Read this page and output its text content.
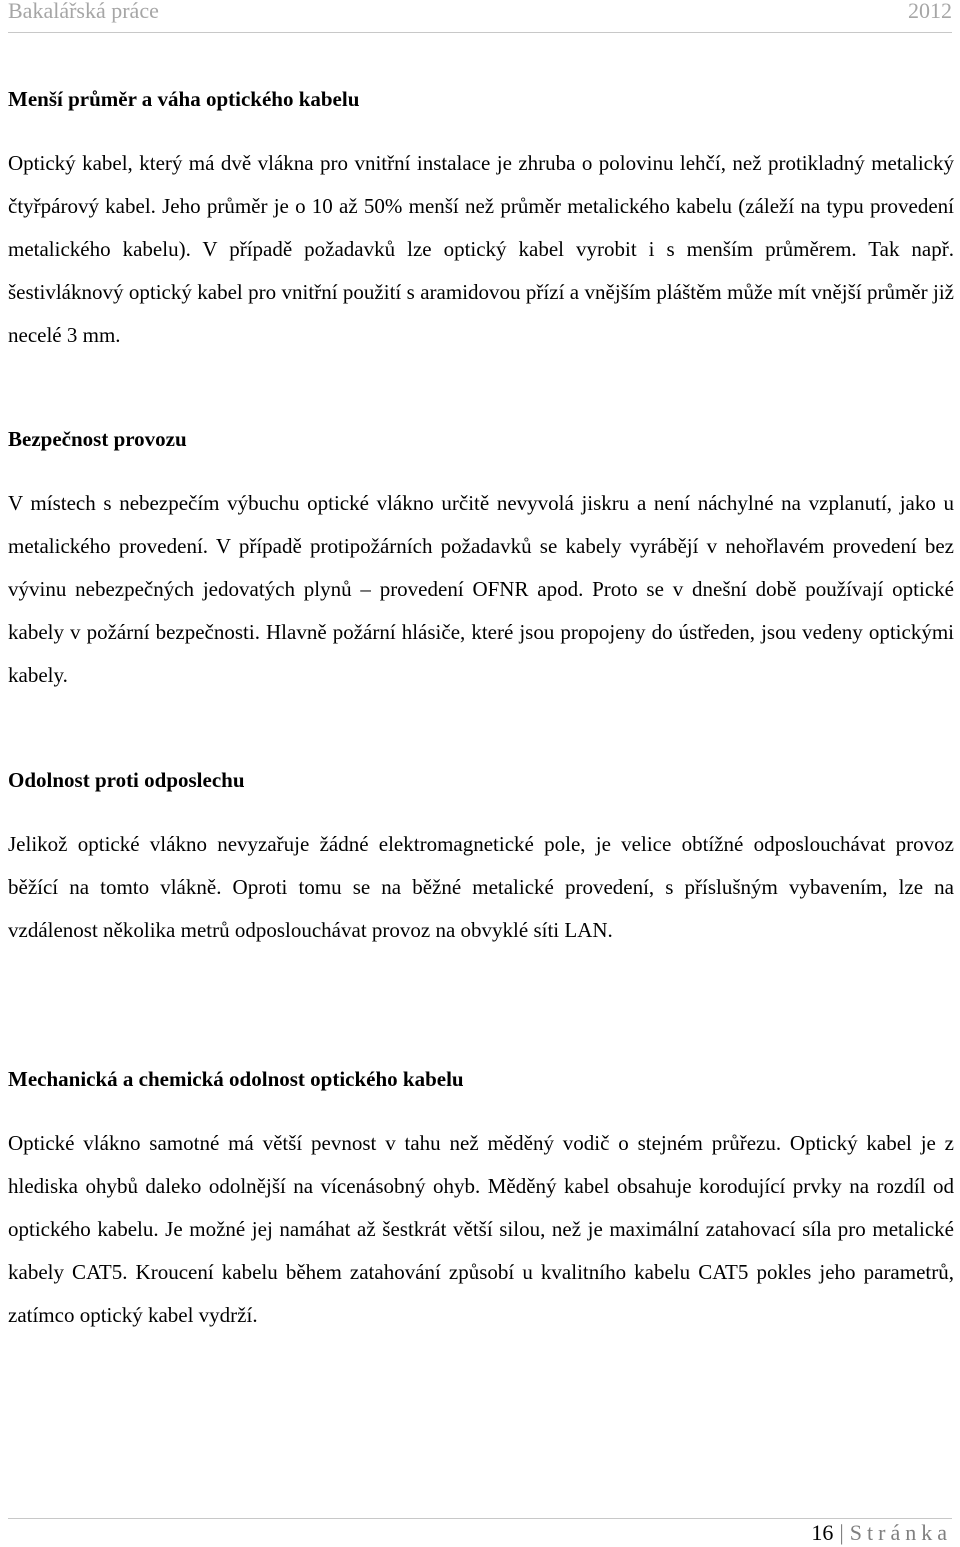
Bakalářská práce	2012
Menší průměr a váha optického kabelu

Optický kabel, který má dvě vlákna pro vnitřní instalace je zhruba o polovinu lehčí, než protikladný metalický čtyřpárový kabel. Jeho průměr je o 10 až 50% menší než průměr metalického kabelu (záleží na typu provedení metalického kabelu). V případě požadavků lze optický kabel vyrobit i s menším průměrem. Tak např. šestivláknový optický kabel pro vnitřní použití s aramidovou přízí a vnějším pláštěm může mít vnější průměr již necelé 3 mm.

Bezpečnost provozu

V místech s nebezpečím výbuchu optické vlákno určitě nevyvolá jiskru a není náchylné na vzplanutí, jako u metalického provedení. V případě protipožárních požadavků se kabely vyrábějí v nehořlavém provedení bez vývinu nebezpečných jedovatých plynů – provedení OFNR apod. Proto se v dnešní době používají optické kabely v požární bezpečnosti. Hlavně požární hlásiče, které jsou propojeny do ústředen, jsou vedeny optickými kabely.

Odolnost proti odposlechu

Jelikož optické vlákno nevyzařuje žádné elektromagnetické pole, je velice obtížné odposlouchávat provoz běžící na tomto vlákně. Oproti tomu se na běžné metalické provedení, s příslušným vybavením, lze na vzdálenost několika metrů odposlouchávat provoz na obvyklé síti LAN.

Mechanická a chemická odolnost optického kabelu

Optické vlákno samotné má větší pevnost v tahu než měděný vodič o stejném průřezu. Optický kabel je z hlediska ohybů daleko odolnější na vícenásobný ohyb. Měděný kabel obsahuje korodující prvky na rozdíl od optického kabelu. Je možné jej namáhat až šestkrát větší silou, než je maximální zatahovací síla pro metalické kabely CAT5. Kroucení kabelu během zatahování způsobí u kvalitního kabelu CAT5 pokles jeho parametrů, zatímco optický kabel vydrží.

16 | Stránka
